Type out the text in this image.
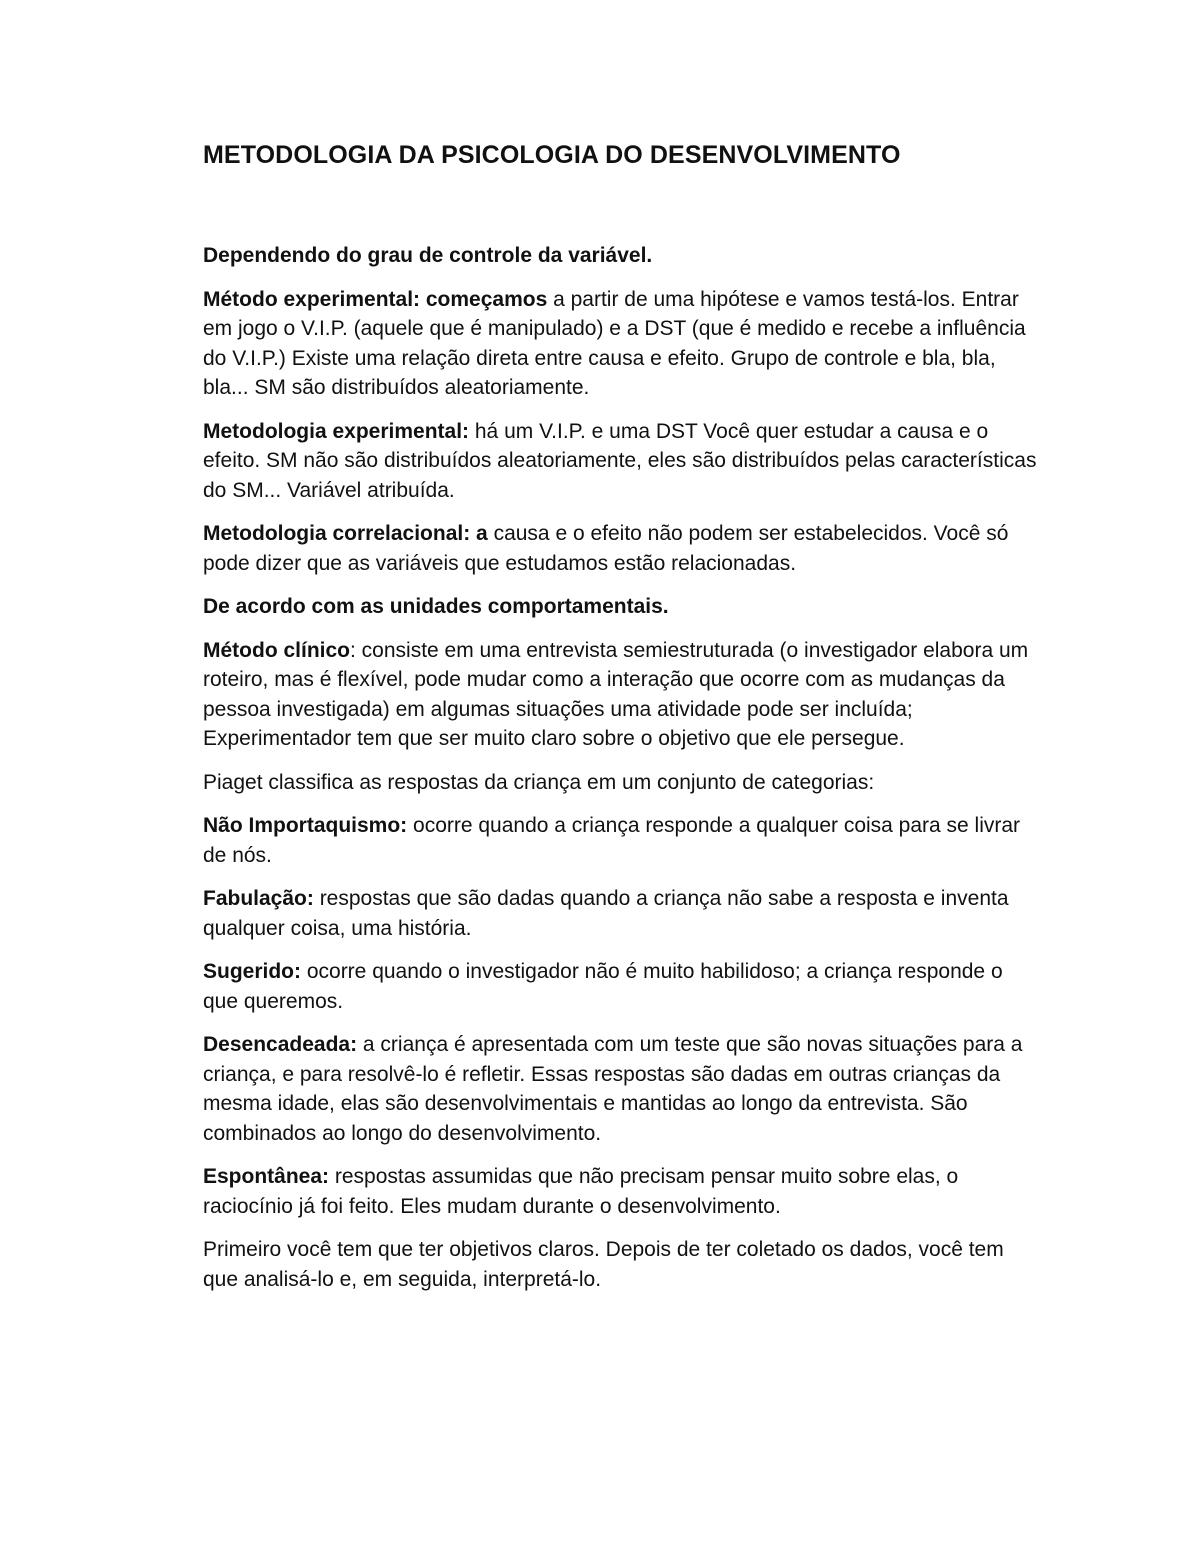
METODOLOGIA DA PSICOLOGIA DO DESENVOLVIMENTO

Dependendo do grau de controle da variável.

Método experimental: começamos a partir de uma hipótese e vamos testá-los. Entrar em jogo o V.I.P. (aquele que é manipulado) e a DST (que é medido e recebe a influência do V.I.P.) Existe uma relação direta entre causa e efeito. Grupo de controle e bla, bla, bla... SM são distribuídos aleatoriamente.

Metodologia experimental: há um V.I.P. e uma DST Você quer estudar a causa e o efeito. SM não são distribuídos aleatoriamente, eles são distribuídos pelas características do SM... Variável atribuída.

Metodologia correlacional: a causa e o efeito não podem ser estabelecidos. Você só pode dizer que as variáveis que estudamos estão relacionadas.

De acordo com as unidades comportamentais.

Método clínico: consiste em uma entrevista semiestruturada (o investigador elabora um roteiro, mas é flexível, pode mudar como a interação que ocorre com as mudanças da pessoa investigada) em algumas situações uma atividade pode ser incluída; Experimentador tem que ser muito claro sobre o objetivo que ele persegue.

Piaget classifica as respostas da criança em um conjunto de categorias:

Não Importaquismo: ocorre quando a criança responde a qualquer coisa para se livrar de nós.

Fabulação: respostas que são dadas quando a criança não sabe a resposta e inventa qualquer coisa, uma história.

Sugerido: ocorre quando o investigador não é muito habilidoso; a criança responde o que queremos.

Desencadeada: a criança é apresentada com um teste que são novas situações para a criança, e para resolvê-lo é refletir. Essas respostas são dadas em outras crianças da mesma idade, elas são desenvolvimentais e mantidas ao longo da entrevista. São combinados ao longo do desenvolvimento.

Espontânea: respostas assumidas que não precisam pensar muito sobre elas, o raciocínio já foi feito. Eles mudam durante o desenvolvimento.

Primeiro você tem que ter objetivos claros. Depois de ter coletado os dados, você tem que analisá-lo e, em seguida, interpretá-lo.
